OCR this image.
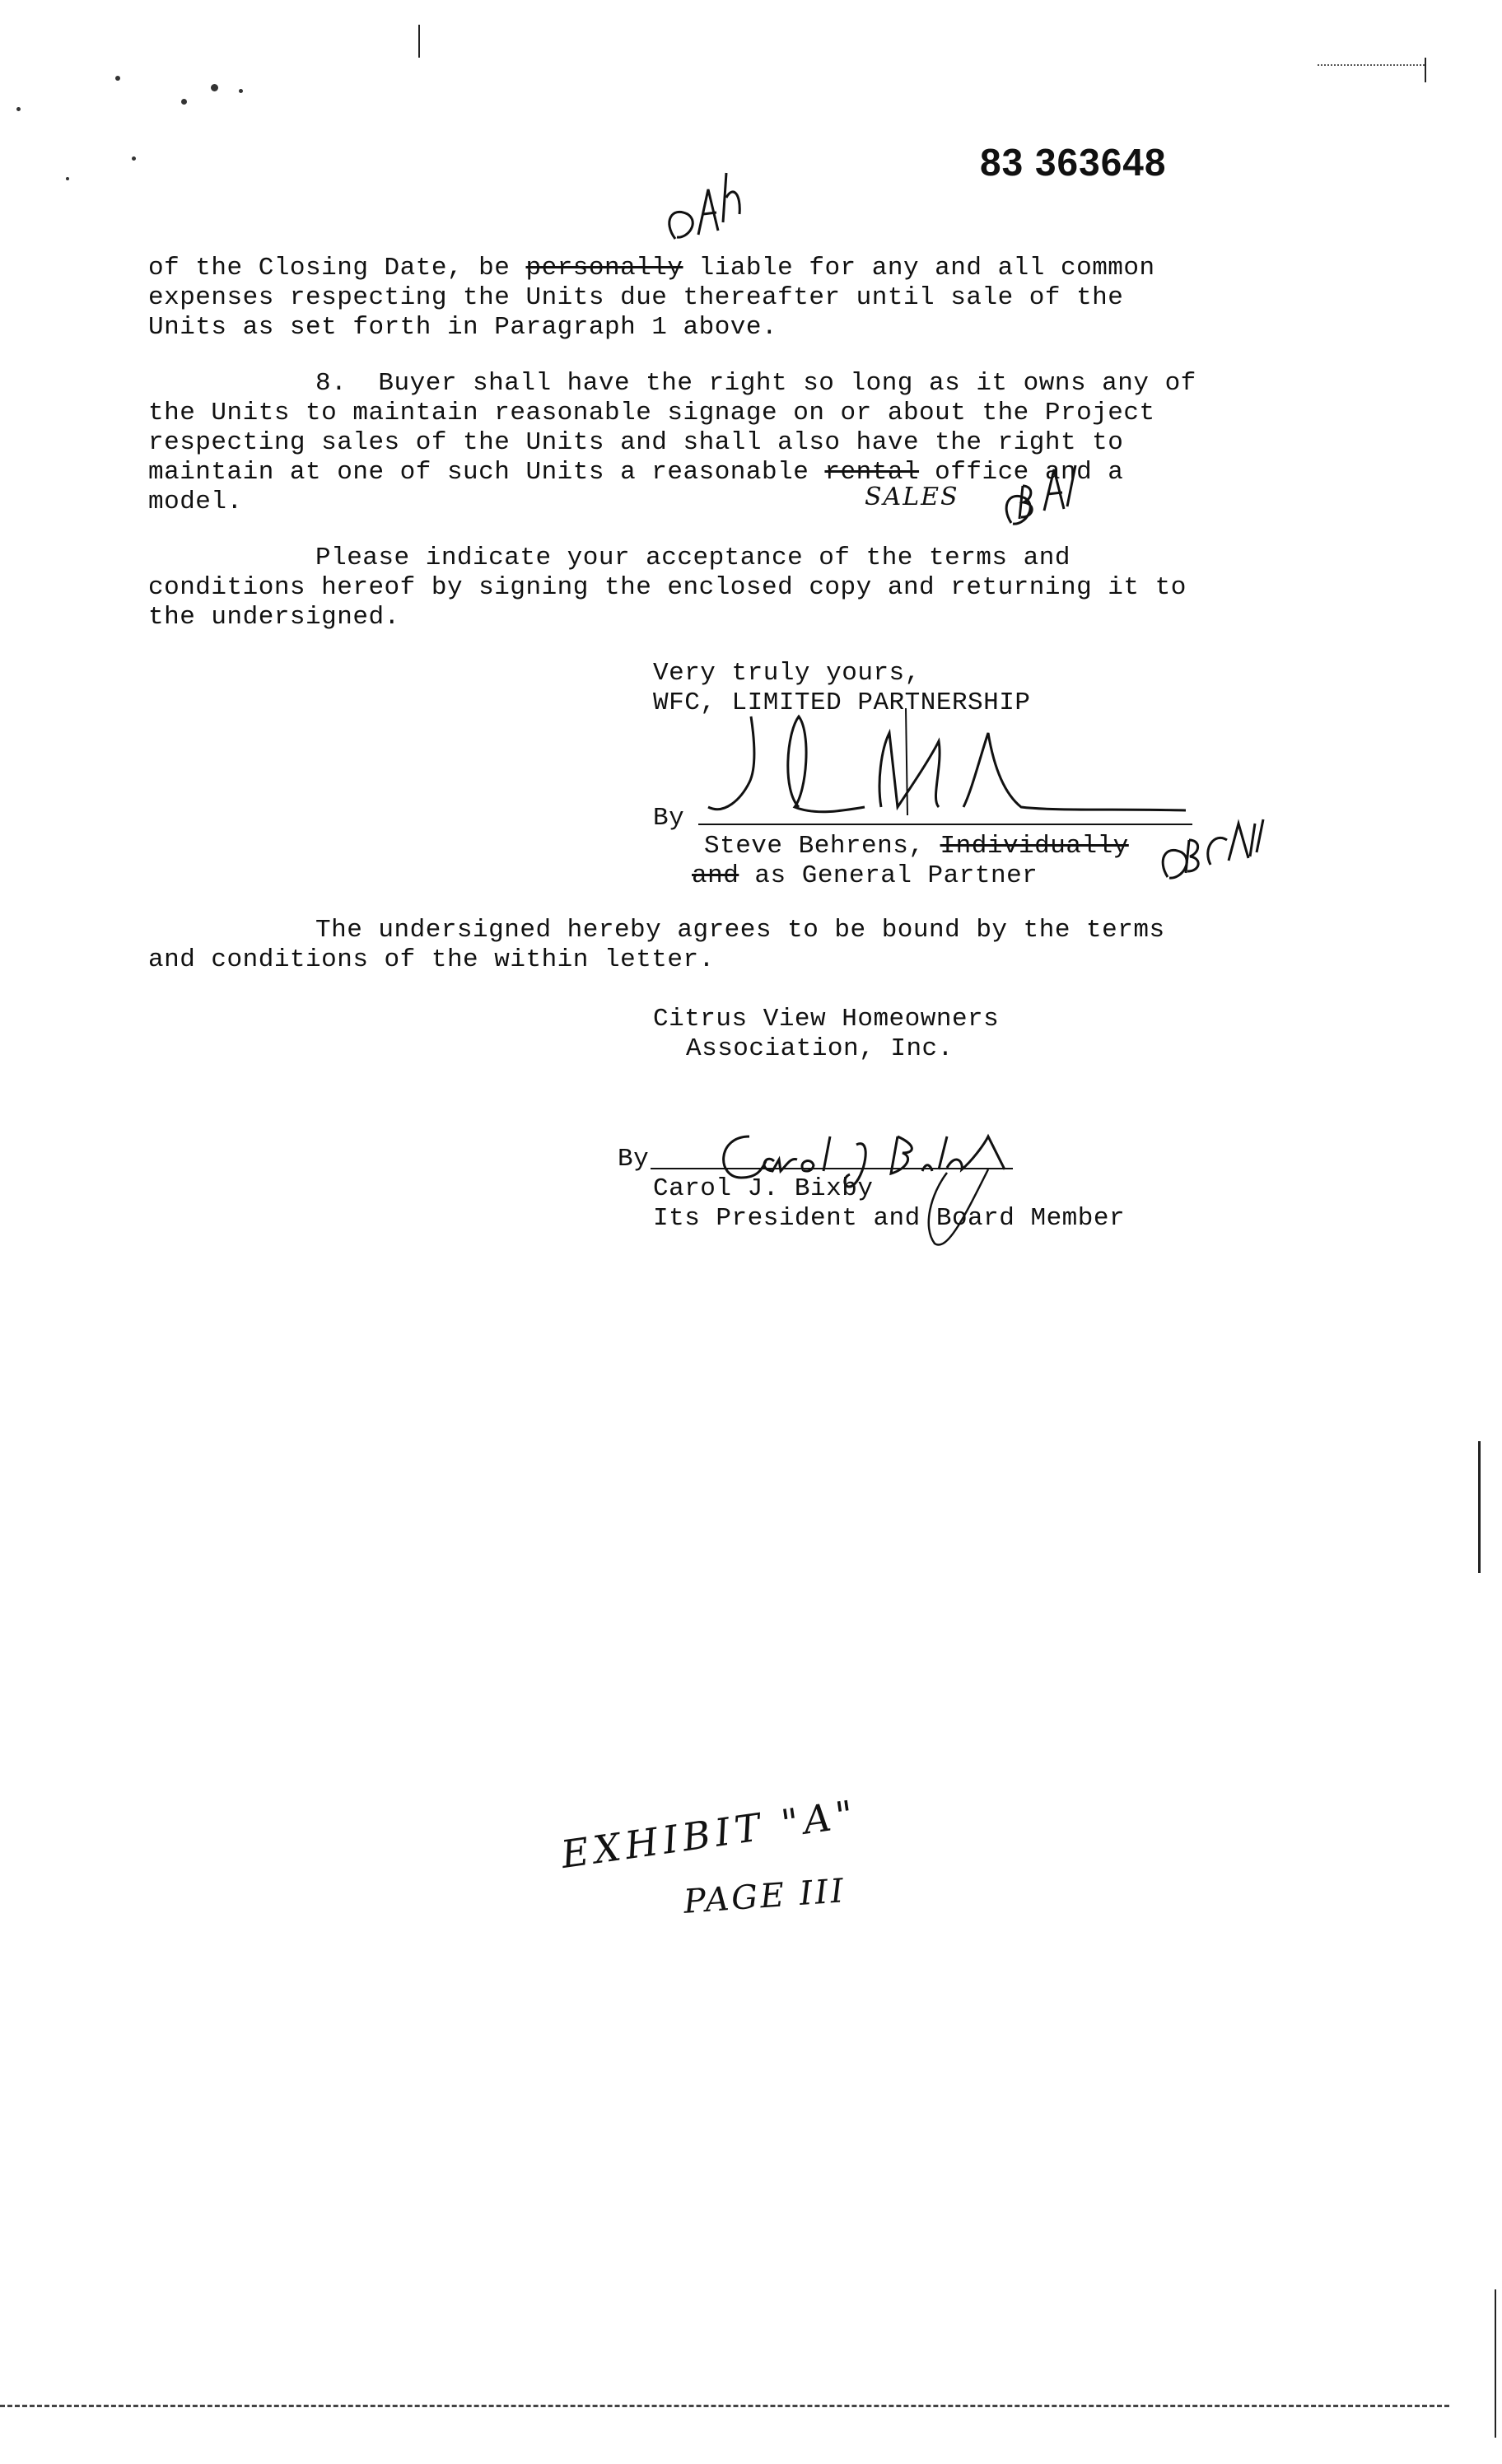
83 363648
of the Closing Date, be personally liable for any and all common
expenses respecting the Units due thereafter until sale of the
Units as set forth in Paragraph 1 above.
8.  Buyer shall have the right so long as it owns any of
the Units to maintain reasonable signage on or about the Project
respecting sales of the Units and shall also have the right to
maintain at one of such Units a reasonable rental office and a
model.	SALES
Please indicate your acceptance of the terms and
conditions hereof by signing the enclosed copy and returning it to
the undersigned.
Very truly yours,
WFC, LIMITED PARTNERSHIP
By
Steve Behrens, Individually
and as General Partner
The undersigned hereby agrees to be bound by the terms
and conditions of the within letter.
Citrus View Homeowners
Association, Inc.
By
Carol J. Bixby
Its President and Board Member
EXHIBIT "A"
PAGE III
